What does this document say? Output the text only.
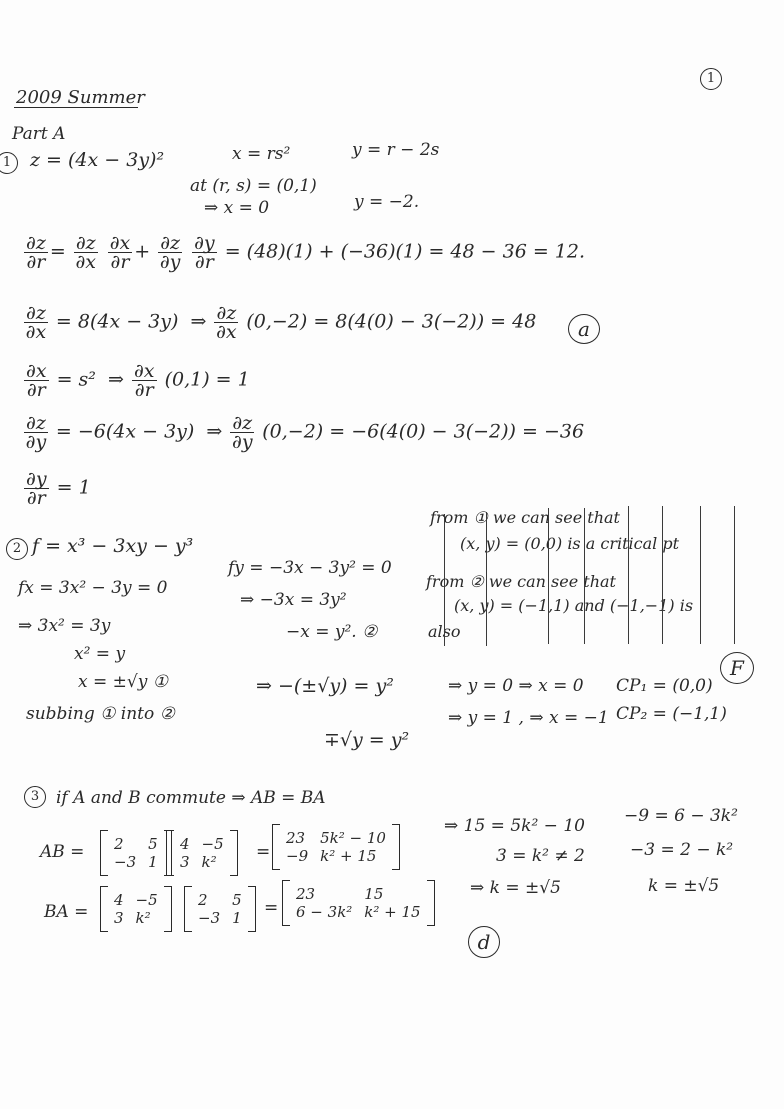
2009 Summer
1
Part A
1 z = (4x − 3y)²	x = rs²	y = r − 2s
at (r, s) = (0,1)
⇒ x = 0	y = −2.
$\frac{\partial z}{\partial r} = \frac{\partial z}{\partial x}$
$\frac{\partial x}{\partial r} + \frac{\partial z}{\partial y}$
$\frac{\partial y}{\partial r} = (48)(1) + (-36)(1) = 48 - 36 = 12$.
$\frac{\partial z}{\partial x} = 8(4x - 3y)$  ⇒ $\frac{\partial z}{\partial x} (0,-2) = 8(4(0) - 3(-2)) = 48$	a
$\frac{\partial x}{\partial r} = s^2$  ⇒ $\frac{\partial x}{\partial r} (0,1) = 1$
$\frac{\partial z}{\partial y} = -6(4x - 3y)$  ⇒ $\frac{\partial z}{\partial y} (0,-2) = -6(4(0) - 3(-2)) = -36$
$\frac{\partial y}{\partial r} = 1$
2 f = x³ − 3xy − y³
fx = 3x² − 3y = 0
⇒ 3x² = 3y
x² = y
x = ±√y ①
fy = −3x − 3y² = 0
⇒ −3x = 3y²
−x = y². ②
from ① we can see that
(x, y) = (0,0) is a critical pt
from ② we can see that
(x, y) = (−1,1) and (−1,−1) is
also
F
subbing ① into ②
⇒ −(±√y) = y²
∓√y = y²
⇒ y = 0 ⇒ x = 0
⇒ y = 1 , ⇒ x = −1
CP₁ = (0,0)
CP₂ = (−1,1)
3 if A and B commute ⇒ AB = BA
AB = 2	5
−3	1
4	−5
3	k² =
23	5k² − 10
−9	k² + 15
BA =
4	−5
3	k²
2	5
−3	1 =
23	15
6 − 3k²	k² + 15
⇒ 15 = 5k² − 10
3 = k² ≠ 2
⇒ k = ±√5
−9 = 6 − 3k²
−3 = 2 − k²
k = ±√5
d
